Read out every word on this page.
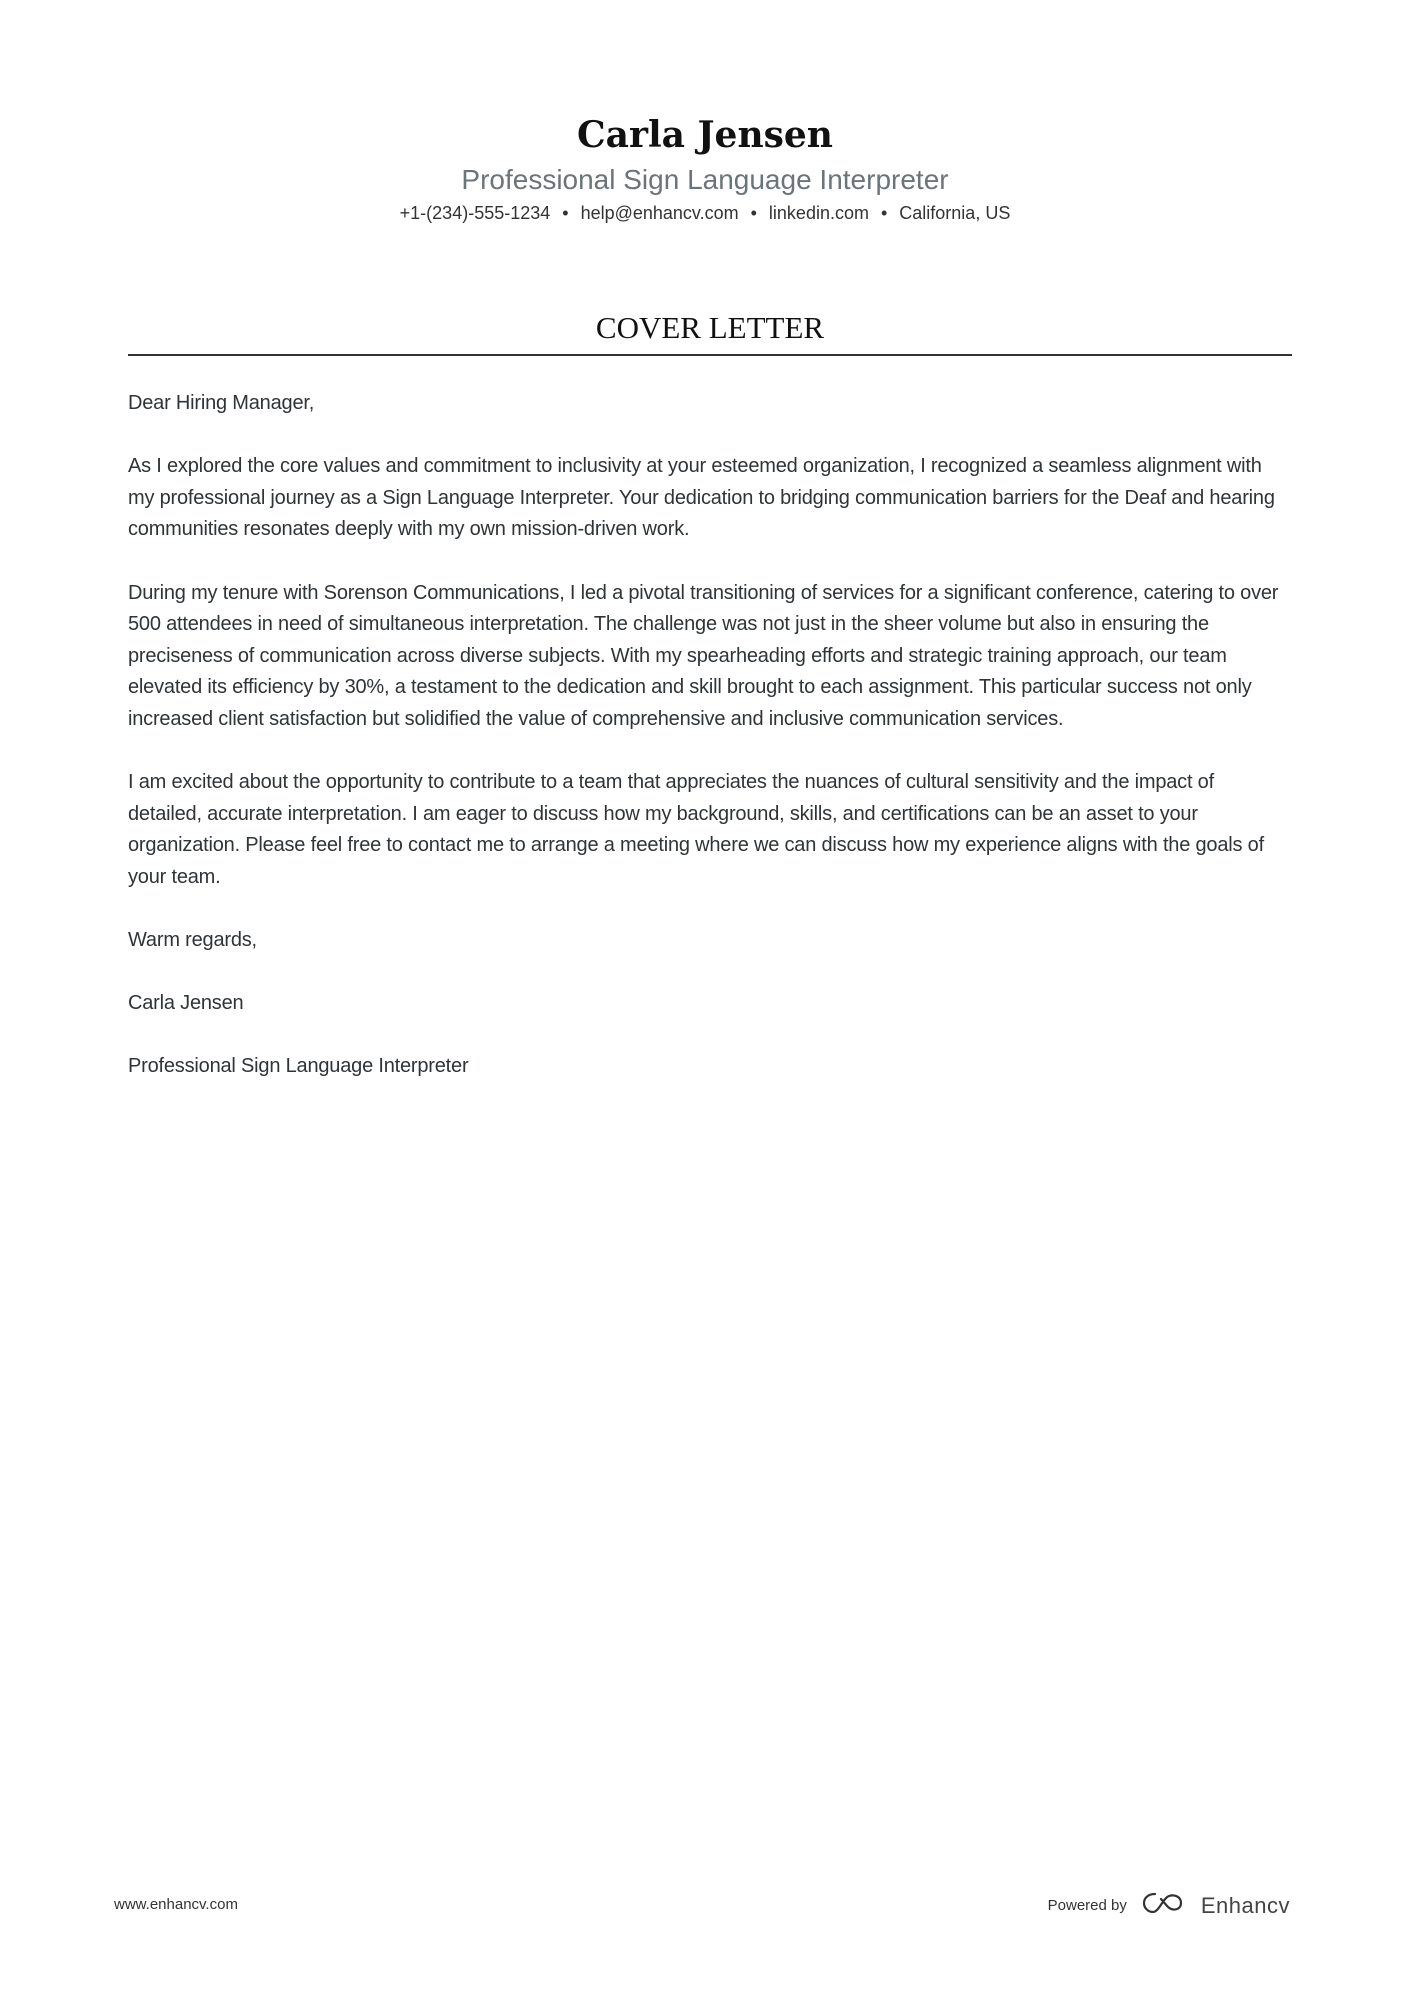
Carla Jensen
Professional Sign Language Interpreter
+1-(234)-555-1234 • help@enhancv.com • linkedin.com • California, US
COVER LETTER

Dear Hiring Manager,

As I explored the core values and commitment to inclusivity at your esteemed organization, I recognized a seamless alignment with my professional journey as a Sign Language Interpreter. Your dedication to bridging communication barriers for the Deaf and hearing communities resonates deeply with my own mission-driven work.

During my tenure with Sorenson Communications, I led a pivotal transitioning of services for a significant conference, catering to over 500 attendees in need of simultaneous interpretation. The challenge was not just in the sheer volume but also in ensuring the preciseness of communication across diverse subjects. With my spearheading efforts and strategic training approach, our team elevated its efficiency by 30%, a testament to the dedication and skill brought to each assignment. This particular success not only increased client satisfaction but solidified the value of comprehensive and inclusive communication services.

I am excited about the opportunity to contribute to a team that appreciates the nuances of cultural sensitivity and the impact of detailed, accurate interpretation. I am eager to discuss how my background, skills, and certifications can be an asset to your organization. Please feel free to contact me to arrange a meeting where we can discuss how my experience aligns with the goals of your team.

Warm regards,

Carla Jensen

Professional Sign Language Interpreter

www.enhancv.com	Powered by	Enhancv
